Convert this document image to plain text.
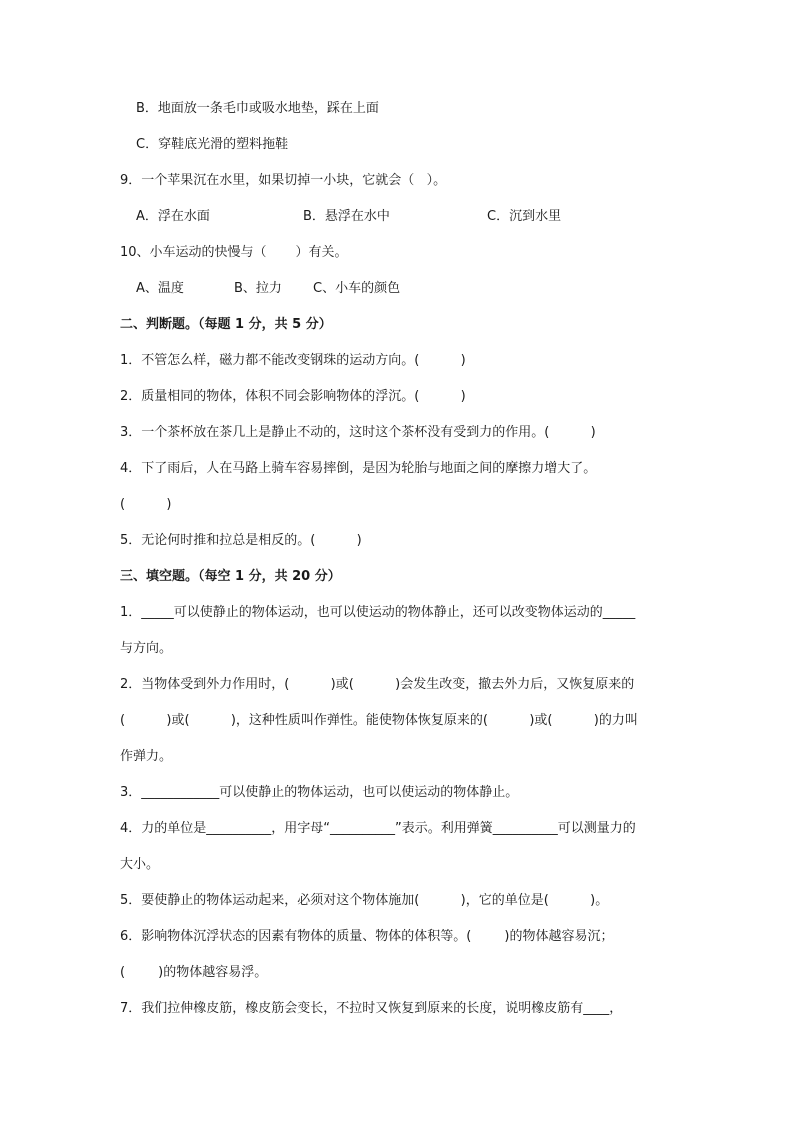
B．地面放一条毛巾或吸水地垫，踩在上面
C．穿鞋底光滑的塑料拖鞋
9．一个苹果沉在水里，如果切掉一小块，它就会（   ）。
A．浮在水面	B．悬浮在水中	C．沉到水里
10、小车运动的快慢与（       ）有关。
A、温度	B、拉力 C、小车的颜色
二、判断题。（每题 1 分，共 5 分）
1．不管怎么样，磁力都不能改变钢珠的运动方向。(          )
2．质量相同的物体，体积不同会影响物体的浮沉。(          )
3．一个茶杯放在茶几上是静止不动的，这时这个茶杯没有受到力的作用。(          )
4．下了雨后，人在马路上骑车容易摔倒，是因为轮胎与地面之间的摩擦力增大了。
(          )
5．无论何时推和拉总是相反的。(          )
三、填空题。（每空 1 分，共 20 分）
1．_____可以使静止的物体运动，也可以使运动的物体静止，还可以改变物体运动的_____
与方向。
2．当物体受到外力作用时，(          )或(          )会发生改变，撤去外力后，又恢复原来的
(          )或(          )，这种性质叫作弹性。能使物体恢复原来的(          )或(          )的力叫
作弹力。
3．____________可以使静止的物体运动，也可以使运动的物体静止。
4．力的单位是__________，用字母“__________”表示。利用弹簧__________可以测量力的
大小。
5．要使静止的物体运动起来，必须对这个物体施加(          )，它的单位是(          )。
6．影响物体沉浮状态的因素有物体的质量、物体的体积等。(        )的物体越容易沉；
(        )的物体越容易浮。
7．我们拉伸橡皮筋，橡皮筋会变长，不拉时又恢复到原来的长度，说明橡皮筋有____，
